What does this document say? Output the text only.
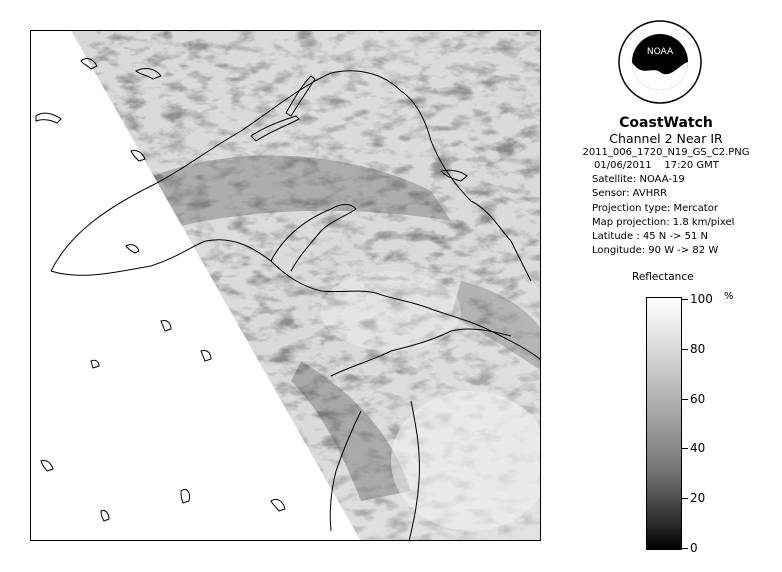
NOAA
CoastWatch
Channel 2 Near IR
2011_006_1720_N19_GS_C2.PNG
01/06/2011 17:20 GMT
Satellite: NOAA-19
Sensor: AVHRR
Projection type: Mercator
Map projection: 1.8 km/pixel
Latitude : 45 N -> 51 N
Longitude: 90 W -> 82 W
Reflectance
%
100
80
60
40
20
0
